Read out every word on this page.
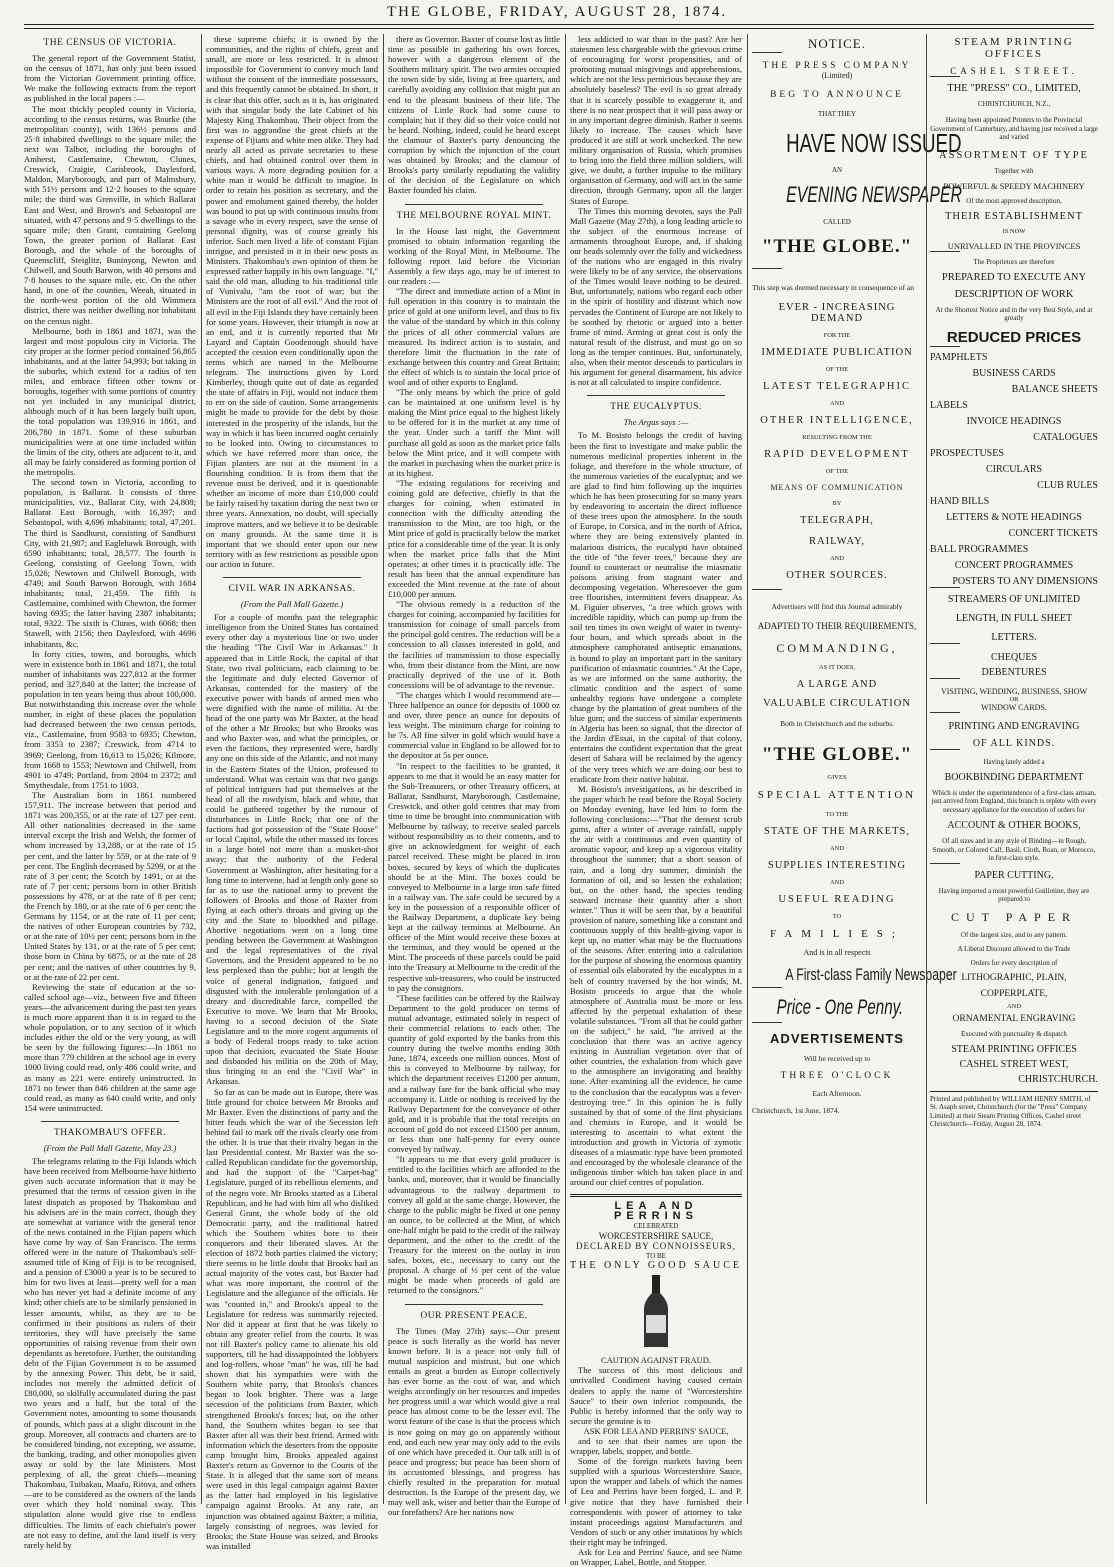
THE GLOBE, FRIDAY, AUGUST 28, 1874.
THE CENSUS OF VICTORIA.

The general report of the Government Statist, on the census of 1871, has only just been issued from the Victorian Government printing office. We make the following extracts from the report as published in the local papers :—

The most thickly peopled county in Victoria, according to the census returns, was Bourke (the metropolitan county), with 136½ persons and 25·8 inhabited dwellings to the square mile; the next was Talbot, including the boroughs of Amherst, Castlemaine, Chewton, Clunes, Creswick, Craigie, Carisbrook, Daylesford, Maldon, Maryborough, and part of Malmsbury, with 51½ persons and 12·2 houses to the square mile; the third was Grenville, in which Ballarat East and West, and Brown's and Sebastopol are situated, with 47 persons and 9·5 dwellings to the square mile; then Grant, containing Geelong Town, the greater portion of Ballarat East Borough, and the whole of the boroughs of Queenscliff, Steiglitz, Buninyong, Newton and Chilwell, and South Barwon, with 40 persons and 7·8 houses to the square mile, etc. On the other hand, in one of the counties, Weeah, situated in the north-west portion of the old Wimmera district, there was neither dwelling nor inhabitant on the census night.

Melbourne, both in 1861 and 1871, was the largest and most populous city in Victoria. The city proper at the former period contained 56,865 inhabitants, and at the latter 54,993; but taking in the suburbs, which extend for a radius of ten miles, and embrace fifteen other towns or boroughs, together with some portions of country not yet included in any municipal district, although much of it has been largely built upon, the total population was 139,916 in 1861, and 206,780 in 1871. Some of these suburban municipalities were at one time included within the limits of the city, others are adjacent to it, and all may be fairly considered as forming portion of the metropolis.

The second town in Victoria, according to population, is Ballarat. It consists of three municipalities, viz., Ballarat City, with 24,808; Ballarat East Borough, with 16,397; and Sebastopol, with 4,696 inhabitants; total, 47,201. The third is Sandhurst, consisting of Sandhurst City, with 21,987; and Eaglehawk Borough, with 6590 inhabitants; total, 28,577. The fourth is Geelong, consisting of Geelong Town, with 15,026; Newtown and Chilwell Borough, with 4749; and South Barwon Borough, with 1684 inhabitants; total, 21,459. The fifth is Castlemaine, combined with Chewton, the former having 6935; the latter having 2387 inhabitants; total, 9322. The sixth is Clunes, with 6068; then Stawell, with 2156; then Daylesford, with 4696 inhabitants, &c.

In forty cities, towns, and boroughs, which were in existence both in 1861 and 1871, the total number of inhabitants was 227,812 at the former period, and 327,840 at the latter; the increase of population in ten years being thus about 100,000. But notwithstanding this increase over the whole number, in eight of these places the population had decreased between the two census periods, viz., Castlemaine, from 9583 to 6935; Chewton, from 3353 to 2387; Creswick, from 4714 to 3969; Geelong, from 16,613 to 15,026; Kilmore, from 1668 to 1553; Newtown and Chilwell, from 4901 to 4749; Portland, from 2804 to 2372; and Smythesdale, from 1751 to 1003.

The Australian born in 1861 numbered 157,911. The increase between that period and 1871 was 200,355, or at the rate of 127 per cent. All other nationalities decreased in the same interval except the Irish and Welsh, the former of whom increased by 13,288, or at the rate of 15 per cent, and the latter by 559, or at the rate of 9 per cent. The English decreased by 5299, or at the rate of 3 per cent; the Scotch by 1491, or at the rate of 7 per cent; persons born in other British possessions by 478, or at the rate of 8 per cent; the French by 180, or at the rate of 6 per cent; the Germans by 1154, or at the rate of 11 per cent; the natives of other European countries by 732, or at the rate of 10½ per cent; persons born in the United States by 131, or at the rate of 5 per cent; those born in China by 6875, or at the rate of 28 per cent; and the natives of other countries by 9, or at the rate of 22 per cent.

Reviewing the state of education at the so-called school age—viz., between five and fifteen years—the advancement during the past ten years is much more apparent than it is in regard to the whole population, or to any section of it which includes either the old or the very young, as will be seen by the following figures:—In 1861 no more than 779 children at the school age in every 1000 living could read, only 486 could write, and as many as 221 were entirely uninstructed. In 1871 no fewer than 846 children at the same age could read, as many as 640 could write, and only 154 were uninstructed.

THAKOMBAU'S OFFER.
(From the Pall Mall Gazette, May 23.)

The telegrams relating to the Fiji Islands which have been received from Melbourne have hitherto given such accurate information that it may be presumed that the terms of cession given in the latest dispatch as proposed by Thakombau and his advisers are in the main correct, though they are somewhat at variance with the general tenor of the news contained in the Fijian papers which have come by way of San Francisco. The terms offered were in the nature of Thakombau's self-assumed title of King of Fiji is to be recognised, and a pension of £3000 a year is to be secured to him for two lives at least—pretty well for a man who has never yet had a definite income of any kind; other chiefs are to be similarly pensioned in lesser amounts, whilst, as they are to be confirmed in their positions as rulers of their territories, they will have precisely the same opportunities of raising revenue from their own dependants as heretofore. Further, the outstanding debt of the Fijian Government is to be assumed by the annexing Power. This debt, be it said, includes not merely the admitted deficit of £80,000, so skilfully accumulated during the past two years and a half, but the total of the Government notes, amounting to some thousands of pounds, which pass at a slight discount in the group. Moreover, all contracts and charters are to be considered binding, not excepting, we assume, the banking, trading, and other monopolies given away or sold by the late Ministers. Most perplexing of all, the great chiefs—meaning Thakombau, Tuibakau, Maafu, Ritova, and others—are to be considered as the owners of the lands over which they hold nominal sway. This stipulation alone would give rise to endless difficulties. The limits of each chieftain's power are not easy to define, and the land itself is very rarely held by

these supreme chiefs; it is owned by the communities, and the rights of chiefs, great and small, are more or less restricted. It is almost impossible for Government to convey much land without the consent of the immediate possessors, and this frequently cannot be obtained. In short, it is clear that this offer, such as it is, has originated with that singular body the late Cabinet of his Majesty King Thakombau. Their object from the first was to aggrandise the great chiefs at the expense of Fijians and white men alike. They had nearly all acted as private secretaries to these chiefs, and had obtained control over them in various ways. A more degrading position for a white man it would be difficult to imagine. In order to retain his position as secretary, and the power and emolument gained thereby, the holder was bound to put up with continuous insults from a savage who in every respect, save the sense of personal dignity, was of course greatly his inferior. Such men lived a life of constant Fijian intrigue, and persisted in it in their new posts as Ministers. Thakombau's own opinion of them he expressed rather happily in his own language. "I," said the old man, alluding to his traditional title of Vunivalu, "am the root of war; but the Ministers are the root of all evil." And the root of all evil in the Fiji Islands they have certainly been for some years. However, their triumph is now at an end, and it is currently reported that Mr Layard and Captain Goodenough should have accepted the cession even conditionally upon the terms which are named in the Melbourne telegram. The instructions given by Lord Kimberley, though quite out of date as regarded the state of affairs in Fiji, would not induce them to err on the side of caution. Some arrangements might be made to provide for the debt by those interested in the prosperity of the islands, but the way in which it has been incurred ought certainly to be looked into. Owing to circumstances to which we have referred more than once, the Fijian planters are not at the moment in a flourishing condition. It is from them that the revenue must be derived, and it is questionable whether an income of more than £10,000 could be fairly raised by taxation during the next two or three years. Annexation, no doubt, will specially improve matters, and we believe it to be desirable on many grounds. At the same time it is important that we should enter upon our new territory with as few restrictions as possible upon our action in future.

CIVIL WAR IN ARKANSAS.
(From the Pall Mall Gazette.)

For a couple of months past the telegraphic intelligence from the United States has contained every other day a mysterious line or two under the heading "The Civil War in Arkansas." It appeared that in Little Rock, the capital of that State, two rival politicians, each claiming to be the legitimate and duly elected Governor of Arkansas, contended for the mastery of the executive power with bands of armed men who were dignified with the name of militia. At the head of the one party was Mr Baxter, at the head of the other a Mr Brooks; but who Brooks was and who Baxter was, and what the principles, or even the factions, they represented were, hardly any one on this side of the Atlantic, and not many in the Eastern States of the Union, professed to understand. What was certain was that two gangs of political intriguers had put themselves at the head of all the rowdyism, black and white, that could be gathered together by the rumour of disturbances in Little Rock; that one of the factions had got possession of the "State House" or local Capitol, while the other massed its forces in a large hotel not more than a musket-shot away; that the authority of the Federal Government at Washington, after hesitating for a long time to intervene, had at length only gone so far as to use the national army to prevent the followers of Brooks and those of Baxter from flying at each other's throats and giving up the city and the State to bloodshed and pillage. Abortive negotiations went on a long time pending between the Government at Washington and the legal representatives of the rival Governors, and the President appeared to be no less perplexed than the public; but at length the voice of general indignation, fatigued and disgusted with the intolerable prolongation of a dreary and discreditable farce, compelled the Executive to move. We learn that Mr Brooks, having to a second decision of the State Legislature and to the more cogent arguments of a body of Federal troops ready to take action upon that decision, evacuated the State House and disbanded his militia on the 20th of May, thus bringing to an end the "Civil War" in Arkansas.

So far as can be made out in Europe, there was little ground for choice between Mr Brooks and Mr Baxter. Even the distinctions of party and the bitter feuds which the war of the Secession left behind fail to mark off the rivals clearly one from the other. It is true that their rivalry began in the last Presidential contest. Mr Baxter was the so-called Republican candidate for the governorship, and had the support of the "Carpet-bag" Legislature, purged of its rebellious elements, and of the negro vote. Mr Brooks started as a Liberal Republican, and he had with him all who disliked General Grant, the whole body of the old Democratic party, and the traditional hatred which the Southern whites bore to their conquerors and their liberated slaves. At the election of 1872 both parties claimed the victory; there seems to be little doubt that Brooks had an actual majority of the votes cast, but Baxter had what was more important, the control of the Legislature and the allegiance of the officials. He was "counted in," and Brooks's appeal to the Legislature for redress was summarily rejected. Nor did it appear at first that he was likely to obtain any greater relief from the courts. It was not till Baxter's policy came to alienate his old supporters, till he had dissappointed the lobbyers and log-rollers, whose "man" he was, till he had shown that his sympathies were with the Southern white party, that Brooks's chances began to look brighter. There was a large secession of the politicians from Baxter, which strengthened Brooks's forces; but, on the other hand, the Southern whites began to see that Baxter after all was their best friend. Armed with information which the deserters from the opposite camp brought him, Brooks appealed against Baxter's return as Governor to the Courts of the State. It is alleged that the same sort of means were used in this legal campaign against Baxter as the latter had employed in his legislative campaign against Brooks. At any rate, an injunction was obtained against Baxter; a militia, largely consisting of negroes, was levied for Brooks; the State House was seized, and Brooks was installed

there as Governor. Baxter of course lost as little time as possible in gathering his own forces, however with a dangerous element of the Southern military spirit. The two armies occupied the town side by side, living at free quarters, and carefully avoiding any collision that might put an end to the pleasant business of their life. The citizens of Little Rock had some cause to complain; but if they did so their voice could not be heard. Nothing, indeed, could be heard except the clamour of Baxter's party denouncing the corruption by which the injunction of the court was obtained by Brooks; and the clamour of Brooks's party similarly repudiating the validity of the decision of the Legislature on which Baxter founded his claim.

THE MELBOURNE ROYAL MINT.

In the House last night, the Government promised to obtain information regarding the working of the Royal Mint, in Melbourne. The following report laid before the Victorian Assembly a few days ago, may be of interest to our readers :—

"The direct and immediate action of a Mint in full operation in this country is to maintain the price of gold at one uniform level, and thus to fix the value of the standard by which in this colony the prices of all other commercial values are measured. Its indirect action is to sustain, and therefore limit the fluctuation in the rate of exchange between this country and Great Britain; the effect of which is to sustain the local price of wool and of other exports to England.

"The only means by which the price of gold can be maintained at one uniform level is by making the Mint price equal to the highest likely to be offered for it in the market at any time of the year. Under such a tariff the Mint will purchase all gold as soon as the market price falls below the Mint price, and it will compete with the market in purchasing when the market price is at its highest.

"The existing regulations for receiving and coining gold are defective, chiefly in that the charges for coining, when estimated in connection with the difficulty attending the transmission to the Mint, are too high, or the Mint price of gold is practically below the market price for a considerable time of the year. It is only when the market price falls that the Mint operates; at other times it is practically idle. The result has been that the annual expenditure has exceeded the Mint revenue at the rate of about £10,000 per annum.

"The obvious remedy is a reduction of the charges for coining, accompanied by facilities for transmission for coinage of small parcels from the principal gold centres. The reduction will be a concession to all classes interested in gold, and the facilities of transmission to those especially who, from their distance from the Mint, are now practically deprived of the use of it. Both concessions will be of advantage to the revenue.

"The charges which I would recommend are—Three halfpence an ounce for deposits of 1000 oz and over, three pence an ounce for deposits of less weight. The minimum charge for coining to be 7s. All fine silver in gold which would have a commercial value in England to be allowed for to the depositor at 5s per ounce.

"In respect to the facilities to be granted, it appears to me that it would be an easy matter for the Sub-Treasurers, or other Treasury officers, at Ballarat, Sandhurst, Maryborough, Castlemaine, Creswick, and other gold centres that may from time to time be brought into communication with Melbourne by railway, to receive sealed parcels without responsibility as to their contents, and to give an acknowledgment for weight of each parcel received. These might be placed in iron boxes, secured by keys of which the duplicates should be at the Mint. The boxes could be conveyed to Melbourne in a large iron safe fitted in a railway van. The safe could be secured by a key in the possession of a responsible officer of the Railway Department, a duplicate key being kept at the railway terminus at Melbourne. An officer of the Mint would receive these boxes at the terminus, and they would be opened at the Mint. The proceeds of these parcels could be paid into the Treasury at Melbourne to the credit of the respective sub-treasurers, who could be instructed to pay the consignors.

"These facilities can be offered by the Railway Department to the gold producer on terms of mutual advantage, estimated solely in respect of their commercial relations to each other. The quantity of gold exported by the banks from this country during the twelve months ending 30th June, 1874, exceeds one million ounces. Most of this is conveyed to Melbourne by railway, for which the department receives £1200 per annum, and a railway fare for the bank official who may accompany it. Little or nothing is received by the Railway Department for the conveyance of other gold, and it is probable that the total receipts on account of gold do not exceed £1500 per annum, or less than one half-penny for every ounce conveyed by railway.

"It appears to me that every gold producer is entitled to the facilities which are afforded to the banks, and, moreover, that it would be financially advantageous to the railway department to convey all gold at the same charge. However, the charge to the public might be fixed at one penny an ounce, to be collected at the Mint, of which one-half might be paid to the credit of the railway department, and the other to the credit of the Treasury for the interest on the outlay in iron safes, boxes, etc., necessary to carry out the proposal. A charge of ½ per cent of the value might be made when proceeds of gold are returned to the consignors."

OUR PRESENT PEACE.

The Times (May 27th) says:—Our present peace is such literally as the world has never known before. It is a peace not only full of mutual suspicion and mistrust, but one which entails as great a burden as Europe collectively has ever borne as the cost of war, and which weighs accordingly on her resources and impedes her progress until a war which would give a real peace has almost come to be the lesser evil. The worst feature of the case is that the process which is now going on may go on apparently without end, and each new year may only add to the evils of one which have preceded it. Our talk still is of peace and progress; but peace has been shorn of its accustomed blessings, and progress has chiefly resulted in the preparation for mutual destruction. Is the Europe of the present day, we may well ask, wiser and better than the Europe of our forefathers? Are her nations now

less addicted to war than in the past? Are her statesmen less chargeable with the grievous crime of encouraging for worst propensities, and of promoting mutual misgivings and apprehensions, which are not the less pernicious because they are absolutely baseless? The evil is so great already that it is scarcely possible to exaggerate it, and there is no near prospect that it will pass away or in any important degree diminish. Rather it seems likely to increase. The causes which have produced it are still at work unchecked. The new military organisation of Russia, which promises to bring into the field three million soldiers, will give, we doubt, a further impulse to the military organisation of Germany, and will act in the same direction, through Germany, upon all the larger States of Europe.

The Times this morning devotes, says the Pall Mall Gazette (May 27th), a long leading article to the subject of the enormous increase of armaments throughout Europe, and, if shaking our heads solemnly over the folly and wickedness of the nations who are engaged in this rivalry were likely to be of any service, the observations of the Times would leave nothing to be desired. But, unfortunately, nations who regard each other in the spirit of hostility and distrust which now pervades the Continent of Europe are not likely to be soothed by rhetoric or argued into a better frame of mind. Arming at great cost is only the natural result of the distrust, and must go on so long as the temper continues. But, unfortunately, also, when their mentor descends to particulars in his argument for general disarmament, his advice is not at all calculated to inspire confidence.

THE EUCALYPTUS.
The Argus says :—

To M. Bosisto belongs the credit of having been the first to investigate and make public the numerous medicinal properties inherent in the foliage, and therefore in the whole structure, of the numerous varieties of the eucalyptus; and we are glad to find him following up the inquiries which he has been prosecuting for so many years by endeavoring to ascertain the direct influence of these trees upon the atmosphere. In the south of Europe, in Corsica, and in the north of Africa, where they are being extensively planted in malarious districts, the eucalypti have obtained the title of "the fever trees," because they are found to counteract or neutralise the miasmatic poisons arising from stagnant water and decomposing vegetation. Wheresoever the gum tree flourishes, intermittent fevers disappear. As M. Figuier observes, "a tree which grows with incredible rapidity, which can pump up from the soil ten times its own weight of water in twenty-four hours, and which spreads about in the atmosphere camphorated antiseptic emanations, is bound to play an important part in the sanitary purification of miasmatic countries." At the Cape, as we are informed on the same authority, the climatic condition and the aspect of some unhealthy regions have undergone a complete change by the plantation of great numbers of the blue gum; and the success of similar experiments in Algeria has been so signal, that the director of the Jardin d'Essai, in the capital of that colony, entertains the confident expectation that the great desert of Sahara will be reclaimed by the agency of the very trees which we are doing our best to eradicate from their native habitat.

M. Bosisto's investigations, as he described in the paper which he read before the Royal Society on Monday evening, have led him to form the following conclusions:—"That the densest scrub gums, after a winter of average rainfall, supply the air with a continuous and even quantity of aromatic vapour, and keep up a vigorous vitality throughout the summer; that a short season of rain, and a long dry summer, diminish the formation of oil, and so lessen the exhalation; but, on the other hand, the species tending seaward increase their quantity after a short winter." Thus it will be seen that, by a beautiful provision of nature, something like a constant and continuous supply of this health-giving vapor is kept up, no matter what may be the fluctuations of the seasons. After entering into a calculation for the purpose of showing the enormous quantity of essential oils elaborated by the eucalyptus in a belt of country traversed by the hot winds, M. Bosisto proceeds to argue that the whole atmosphere of Australia must be more or less affected by the perpetual exhalation of these volatile substances. "From all that he could gather on the subject," he said, "he arrived at the conclusion that there was an active agency existing in Australian vegetation over that of other countries, the exhalation from which gave to the atmosphere an invigorating and healthy tone. After examining all the evidence, he came to the conclusion that the eucalyptus was a fever-destroying tree." In this opinion he is fully sustained by that of some of the first physicians and chemists in Europe, and it would be interesting to ascertain to what extent the introduction and growth in Victoria of zymotic diseases of a miasmatic type have been promoted and encouraged by the wholesale clearance of the indigenous timber which has taken place in and around our chief centres of population.

LEA AND PERRINS
CELEBRATED
WORCESTERSHIRE SAUCE,
DECLARED BY CONNOISSEURS,
TO BE
THE ONLY GOOD SAUCE
CAUTION AGAINST FRAUD.

The success of this most delicious and unrivalled Condiment having caused certain dealers to apply the name of "Worcestershire Sauce" to their own inferior compounds, the Public is hereby informed that the only way to secure the genuine is to

ASK FOR LEA AND PERRINS' SAUCE,

and to see that their names are upon the wrapper, labels, stopper, and bottle.

Some of the foreign markets having been supplied with a spurious Worcestershire Sauce, upon the wrapper and labels of which the names of Lea and Perrins have been forged, L. and P. give notice that they have furnished their correspondents with power of attorney to take instant proceedings against Manufacturers and Vendors of such or any other imitations by which their right may be infringed.

Ask for Lea and Perrins' Sauce, and see Name on Wrapper, Label, Bottle, and Stopper.

NOTICE.
THE PRESS COMPANY
(Limited)
BEG TO ANNOUNCE
THAT THEY
HAVE NOW ISSUED
AN
EVENING NEWSPAPER
CALLED
"THE GLOBE."
This step was deemed necessary in consequence of an
EVER - INCREASING DEMAND
FOR THE
IMMEDIATE PUBLICATION
OF THE
LATEST TELEGRAPHIC
AND
OTHER INTELLIGENCE,
RESULTING FROM THE
RAPID DEVELOPMENT
OF THE
MEANS OF COMMUNICATION
BY
TELEGRAPH,
RAILWAY,
AND
OTHER SOURCES.
Advertisers will find this Journal admirably
ADAPTED TO THEIR REQUIREMENTS,
COMMANDING,
AS IT DOES,
A LARGE AND
VALUABLE CIRCULATION
Both in Christchurch and the suburbs.
"THE GLOBE."
GIVES
SPECIAL ATTENTION
TO THE
STATE OF THE MARKETS,
AND
SUPPLIES INTERESTING
AND
USEFUL READING
TO
FAMILIES;
And is in all respects
A First-class Family Newspaper
Price - One Penny.
ADVERTISEMENTS
Will be received up to
THREE O'CLOCK
Each Afternoon.
Christchurch, 1st June, 1874.
STEAM PRINTING OFFICES
CASHEL STREET.
THE "PRESS" CO., LIMITED,
CHRISTCHURCH, N.Z.,
Having been appointed Printers to the Provincial Government of Canterbury, and having just received a large and varied
ASSORTMENT OF TYPE
Together with
POWERFUL & SPEEDY MACHINERY
Of the most approved description,
THEIR ESTABLISHMENT
IS NOW
UNRIVALLED IN THE PROVINCES
The Proprietors are therefore
PREPARED TO EXECUTE ANY
DESCRIPTION OF WORK
At the Shortest Notice and in the very Best Style, and at greatly
REDUCED PRICES
PAMPHLETS
BUSINESS CARDS
BALANCE SHEETS
LABELS
INVOICE HEADINGS
CATALOGUES
PROSPECTUSES
CIRCULARS
CLUB RULES
HAND BILLS
LETTERS & NOTE HEADINGS
CONCERT TICKETS
BALL PROGRAMMES
CONCERT PROGRAMMES
POSTERS TO ANY DIMENSIONS
STREAMERS OF UNLIMITED
LENGTH, IN FULL SHEET
LETTERS.
CHEQUES
DEBENTURES
VISITING, WEDDING, BUSINESS, SHOW
OR
WINDOW CARDS.
PRINTING AND ENGRAVING
OF ALL KINDS.
Having lately added a
BOOKBINDING DEPARTMENT
Which is under the superintendence of a first-class artisan, just arrived from England, this branch is replete with every necessary appliance for the execution of orders for
ACCOUNT & OTHER BOOKS,
Of all sizes and in any style of Binding—in Rough, Smooth, or Colored Calf, Basil, Cloth, Roan, or Morocco, in first-class style.
PAPER CUTTING.
Having imported a most powerful Guillotine, they are prepared to
CUT PAPER
Of the largest size, and to any pattern.
A Liberal Discount allowed to the Trade
Orders for every description of
LITHOGRAPHIC, PLAIN,
COPPERPLATE,
AND
ORNAMENTAL ENGRAVING
Executed with punctuality & dispatch
STEAM PRINTING OFFICES
CASHEL STREET WEST,
CHRISTCHURCH.
Printed and published by WILLIAM HENRY SMITH, of St. Asaph street, Christchurch (for the "Press" Company Limited) at their Steam Printing Offices, Cashel street Christchurch—Friday, August 28, 1874.
